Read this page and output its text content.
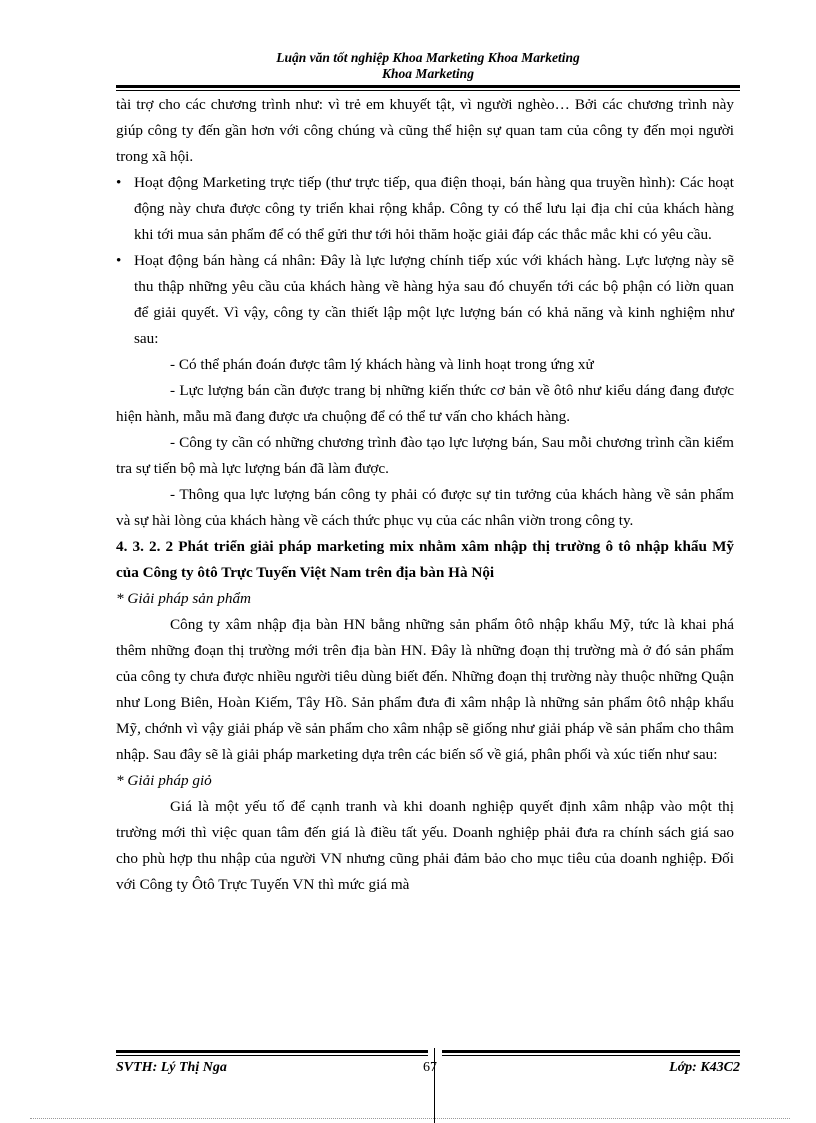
Luận văn tốt nghiệp Khoa Marketing Khoa Marketing
Khoa Marketing

tài trợ cho các chương trình như: vì trẻ em khuyết tật, vì người nghèo… Bởi các chương trình này giúp công ty đến gần hơn với công chúng và cũng thể hiện sự quan tam của công ty đến mọi người trong xã hội.

• Hoạt động Marketing trực tiếp (thư trực tiếp, qua điện thoại, bán hàng qua truyền hình): Các hoạt động này chưa được công ty triển khai rộng khắp. Công ty có thể lưu lại địa chỉ của khách hàng khi tới mua sản phẩm để có thể gửi thư tới hỏi thăm hoặc giải đáp các thắc mắc khi có yêu cầu.

• Hoạt động bán hàng cá nhân: Đây là lực lượng chính tiếp xúc với khách hàng. Lực lượng này sẽ thu thập những yêu cầu của khách hàng về hàng hỷa sau đó chuyển tới các bộ phận có liờn quan để giải quyết. Vì vậy, công ty cần thiết lập một lực lượng bán có khả năng và kinh nghiệm như sau:

- Có thể phán đoán được tâm lý khách hàng và linh hoạt trong ứng xử

- Lực lượng bán cần được trang bị những kiến thức cơ bản về ôtô như kiểu dáng đang được hiện hành, mẫu mã đang được ưa chuộng để có thể tư vấn cho khách hàng.

- Công ty cần có những chương trình đào tạo lực lượng bán, Sau mỗi chương trình cần kiểm tra sự tiến bộ mà lực lượng bán đã làm được.

- Thông qua lực lượng bán công ty phải có được sự tin tưởng của khách hàng về sản phẩm và sự hài lòng của khách hàng về cách thức phục vụ của các nhân viờn trong công ty.

4. 3. 2. 2 Phát triển giải pháp marketing mix nhằm xâm nhập thị trường ô tô nhập khẩu Mỹ của Công ty ôtô Trực Tuyến Việt Nam trên địa bàn Hà Nội

* Giải pháp sản phẩm

Công ty xâm nhập địa bàn HN bằng những sản phẩm ôtô nhập khẩu Mỹ, tức là khai phá thêm những đoạn thị trường mới trên địa bàn HN. Đây là những đoạn thị trường mà ở đó sản phẩm của công ty chưa được nhiều người tiêu dùng biết đến. Những đoạn thị trường này thuộc những Quận như Long Biên, Hoàn Kiếm, Tây Hồ. Sản phẩm đưa đi xâm nhập là những sản phẩm ôtô nhập khẩu Mỹ, chớnh vì vậy giải pháp về sản phẩm cho xâm nhập sẽ giống như giải pháp về sản phẩm cho thâm nhập. Sau đây sẽ là giải pháp marketing dựa trên các biến số về giá, phân phối và xúc tiến như sau:

* Giải pháp giỏ

Giá là một yếu tố để cạnh tranh và khi doanh nghiệp quyết định xâm nhập vào một thị trường mới thì việc quan tâm đến giá là điều tất yếu. Doanh nghiệp phải đưa ra chính sách giá sao cho phù hợp thu nhập của người VN nhưng cũng phải đảm bảo cho mục tiêu của doanh nghiệp. Đối với Công ty Ôtô Trực Tuyến VN thì mức giá mà

SVTH: Lý Thị Nga	67	Lớp: K43C2
